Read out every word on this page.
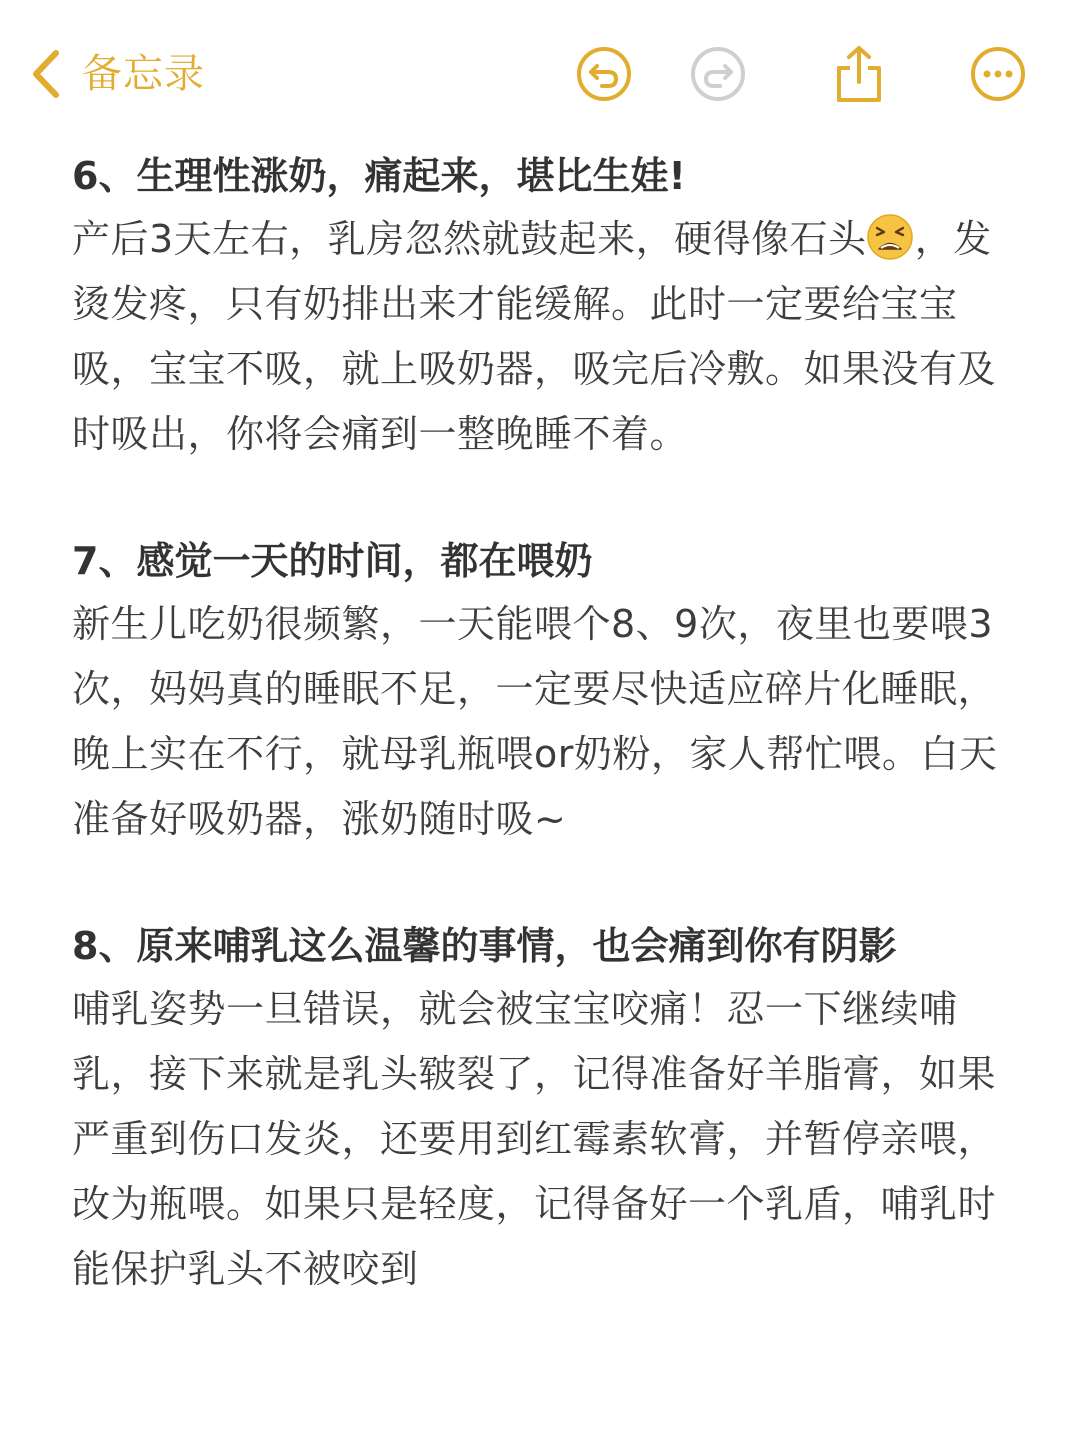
备忘录

6、生理性涨奶，痛起来，堪比生娃!

产后3天左右，乳房忽然就鼓起来，硬得像石头 ，发烫发疼，只有奶排出来才能缓解。此时一定要给宝宝吸，宝宝不吸，就上吸奶器，吸完后冷敷。如果没有及时吸出，你将会痛到一整晚睡不着。

7、感觉一天的时间，都在喂奶

新生儿吃奶很频繁，一天能喂个8、9次，夜里也要喂3次，妈妈真的睡眠不足，一定要尽快适应碎片化睡眠，晚上实在不行，就母乳瓶喂or奶粉，家人帮忙喂。白天准备好吸奶器，涨奶随时吸~

8、原来哺乳这么温馨的事情，也会痛到你有阴影

哺乳姿势一旦错误，就会被宝宝咬痛！忍一下继续哺乳，接下来就是乳头皲裂了，记得准备好羊脂膏，如果严重到伤口发炎，还要用到红霉素软膏，并暂停亲喂，改为瓶喂。如果只是轻度，记得备好一个乳盾，哺乳时能保护乳头不被咬到
